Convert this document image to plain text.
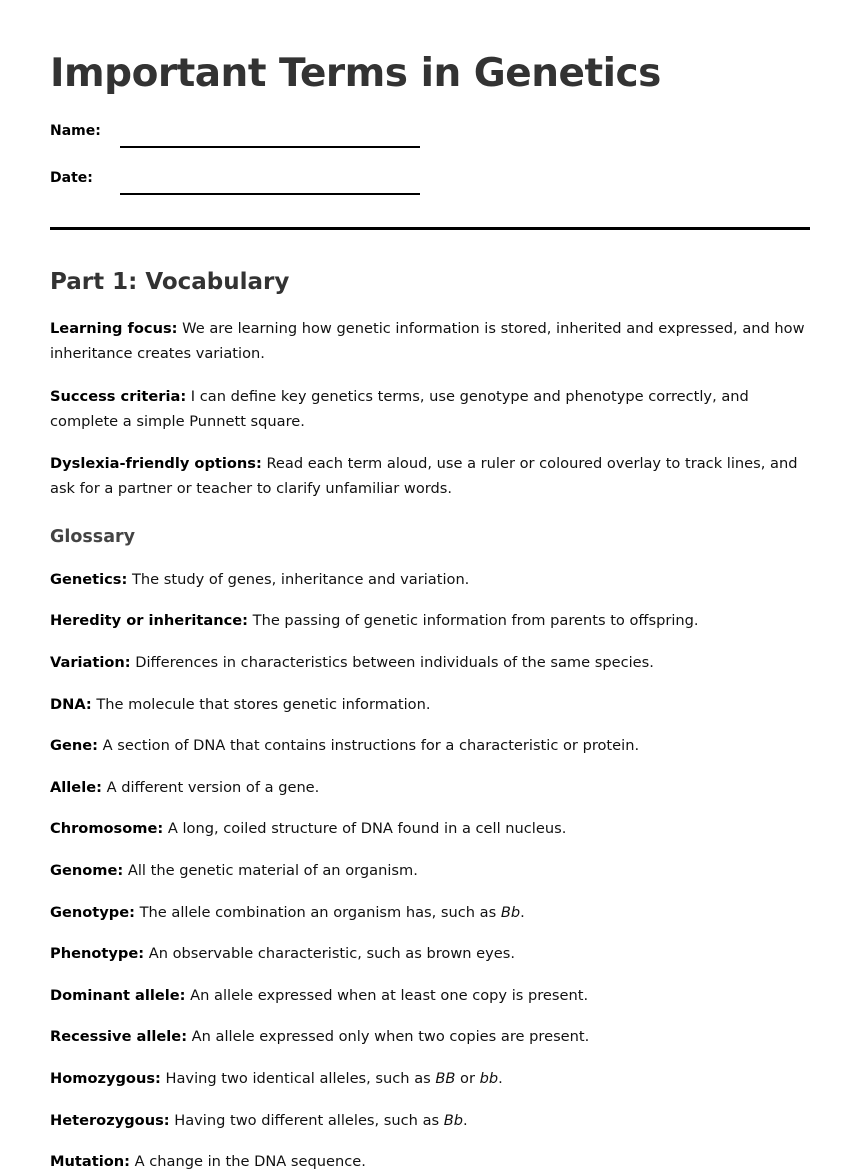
Important Terms in Genetics
Name:
Date:
Part 1: Vocabulary

Learning focus: We are learning how genetic information is stored, inherited and expressed, and how inheritance creates variation.

Success criteria: I can define key genetics terms, use genotype and phenotype correctly, and complete a simple Punnett square.

Dyslexia-friendly options: Read each term aloud, use a ruler or coloured overlay to track lines, and ask for a partner or teacher to clarify unfamiliar words.

Glossary

Genetics: The study of genes, inheritance and variation.

Heredity or inheritance: The passing of genetic information from parents to offspring.

Variation: Differences in characteristics between individuals of the same species.

DNA: The molecule that stores genetic information.

Gene: A section of DNA that contains instructions for a characteristic or protein.

Allele: A different version of a gene.

Chromosome: A long, coiled structure of DNA found in a cell nucleus.

Genome: All the genetic material of an organism.

Genotype: The allele combination an organism has, such as Bb.

Phenotype: An observable characteristic, such as brown eyes.

Dominant allele: An allele expressed when at least one copy is present.

Recessive allele: An allele expressed only when two copies are present.

Homozygous: Having two identical alleles, such as BB or bb.

Heterozygous: Having two different alleles, such as Bb.

Mutation: A change in the DNA sequence.
